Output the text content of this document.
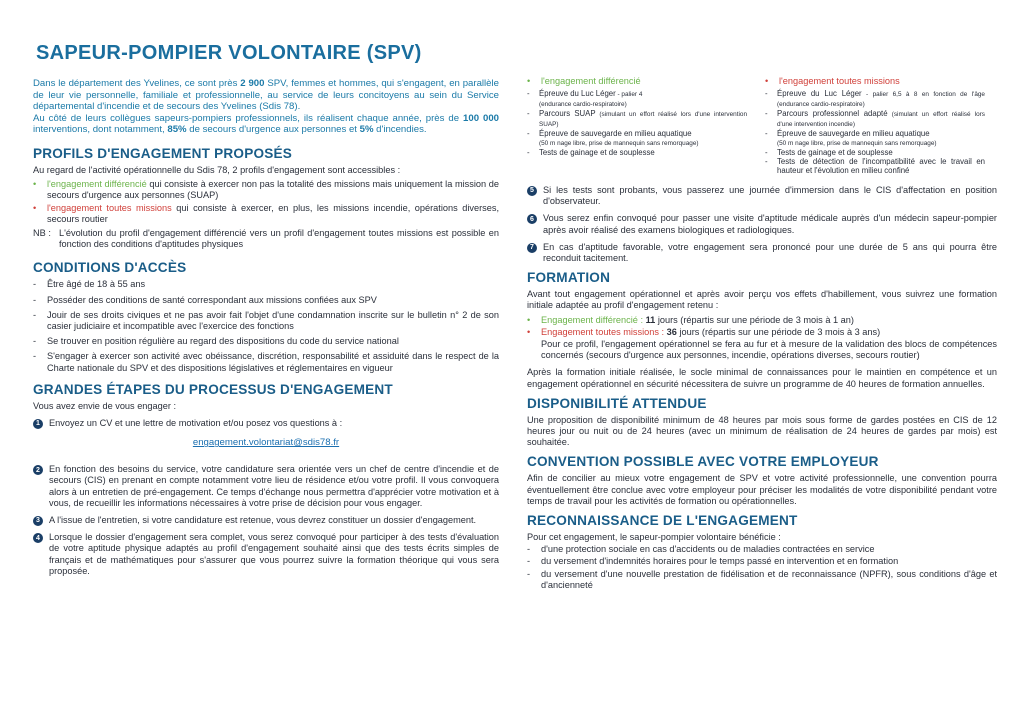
SAPEUR-POMPIER VOLONTAIRE (SPV)

Dans le département des Yvelines, ce sont près 2 900 SPV, femmes et hommes, qui s'engagent, en parallèle de leur vie personnelle, familiale et professionnelle, au service de leurs concitoyens au sein du Service départemental d'incendie et de secours des Yvelines (Sdis 78).

Au côté de leurs collègues sapeurs-pompiers professionnels, ils réalisent chaque année, près de 100 000 interventions, dont notamment, 85% de secours d'urgence aux personnes et 5% d'incendies.

PROFILS D'ENGAGEMENT PROPOSÉS

Au regard de l'activité opérationnelle du Sdis 78, 2 profils d'engagement sont accessibles :

•	l'engagement différencié qui consiste à exercer non pas la totalité des missions mais uniquement la mission de secours d'urgence aux personnes (SUAP)
•	l'engagement toutes missions qui consiste à exercer, en plus, les missions incendie, opérations diverses, secours routier
NB : L'évolution du profil d'engagement différencié vers un profil d'engagement toutes missions est possible en fonction des conditions d'aptitudes physiques
CONDITIONS D'ACCÈS
-	Être âgé de 18 à 55 ans
-	Posséder des conditions de santé correspondant aux missions confiées aux SPV
-	Jouir de ses droits civiques et ne pas avoir fait l'objet d'une condamnation inscrite sur le bulletin n° 2 de son casier judiciaire et incompatible avec l'exercice des fonctions
-	Se trouver en position régulière au regard des dispositions du code du service national
-	S'engager à exercer son activité avec obéissance, discrétion, responsabilité et assiduité dans le respect de la Charte nationale du SPV et des dispositions législatives et réglementaires en vigueur
GRANDES ÉTAPES DU PROCESSUS D'ENGAGEMENT

Vous avez envie de vous engager :

1 Envoyez un CV et une lettre de motivation et/ou posez vos questions à :
engagement.volontariat@sdis78.fr
2 En fonction des besoins du service, votre candidature sera orientée vers un chef de centre d'incendie et de secours (CIS) en prenant en compte notamment votre lieu de résidence et/ou votre profil. Il vous convoquera alors à un entretien de pré-engagement. Ce temps d'échange nous permettra d'apprécier votre motivation et à vous, de recueillir les informations nécessaires à votre prise de décision pour vous engager.
3 A l'issue de l'entretien, si votre candidature est retenue, vous devrez constituer un dossier d'engagement.
4 Lorsque le dossier d'engagement sera complet, vous serez convoqué pour participer à des tests d'évaluation de votre aptitude physique adaptés au profil d'engagement souhaité ainsi que des tests écrits simples de français et de mathématiques pour s'assurer que vous pourrez suivre la formation théorique qui vous sera proposée.
•	l'engagement différencié
-	Épreuve du Luc Léger - palier 4
(endurance cardio-respiratoire)
-	Parcours SUAP (simulant un effort réalisé lors d'une intervention SUAP)
-	Épreuve de sauvegarde en milieu aquatique
(50 m nage libre, prise de mannequin sans remorquage)
-	Tests de gainage et de souplesse
•	l'engagement toutes missions
-	Épreuve du Luc Léger - palier 6,5 à 8 en fonction de l'âge (endurance cardio-respiratoire)
-	Parcours professionnel adapté (simulant un effort réalisé lors d'une intervention incendie)
-	Épreuve de sauvegarde en milieu aquatique
(50 m nage libre, prise de mannequin sans remorquage)
-	Tests de gainage et de souplesse
-	Tests de détection de l'incompatibilité avec le travail en hauteur et l'évolution en milieu confiné
5 Si les tests sont probants, vous passerez une journée d'immersion dans le CIS d'affectation en position d'observateur.
6 Vous serez enfin convoqué pour passer une visite d'aptitude médicale auprès d'un médecin sapeur-pompier après avoir réalisé des examens biologiques et radiologiques.
7 En cas d'aptitude favorable, votre engagement sera prononcé pour une durée de 5 ans qui pourra être reconduit tacitement.
FORMATION

Avant tout engagement opérationnel et après avoir perçu vos effets d'habillement, vous suivrez une formation initiale adaptée au profil d'engagement retenu :

•	Engagement différencié : 11 jours (répartis sur une période de 3 mois à 1 an)
•	Engagement toutes missions : 36 jours (répartis sur une période de 3 mois à 3 ans)

Pour ce profil, l'engagement opérationnel se fera au fur et à mesure de la validation des blocs de compétences concernés (secours d'urgence aux personnes, incendie, opérations diverses, secours routier)

Après la formation initiale réalisée, le socle minimal de connaissances pour le maintien en compétence et un engagement opérationnel en sécurité nécessitera de suivre un programme de 40 heures de formation annuelles.

DISPONIBILITÉ ATTENDUE

Une proposition de disponibilité minimum de 48 heures par mois sous forme de gardes postées en CIS de 12 heures jour ou nuit ou de 24 heures (avec un minimum de réalisation de 24 heures de gardes par mois) est souhaitée.

CONVENTION POSSIBLE AVEC VOTRE EMPLOYEUR

Afin de concilier au mieux votre engagement de SPV et votre activité professionnelle, une convention pourra éventuellement être conclue avec votre employeur pour préciser les modalités de votre disponibilité pendant votre temps de travail pour les activités de formation ou opérationnelles.

RECONNAISSANCE DE L'ENGAGEMENT

Pour cet engagement, le sapeur-pompier volontaire bénéficie :

-	d'une protection sociale en cas d'accidents ou de maladies contractées en service
-	du versement d'indemnités horaires pour le temps passé en intervention et en formation
-	du versement d'une nouvelle prestation de fidélisation et de reconnaissance (NPFR), sous conditions d'âge et d'ancienneté
